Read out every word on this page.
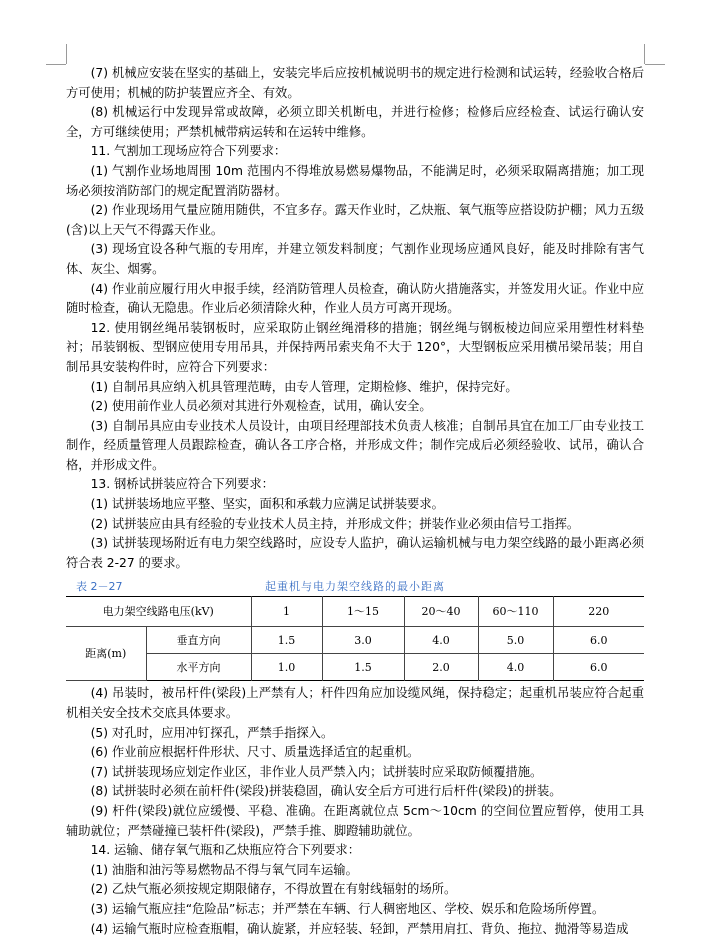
(7) 机械应安装在坚实的基础上，安装完毕后应按机械说明书的规定进行检测和试运转，经验收合格后方可使用；机械的防护装置应齐全、有效。

(8) 机械运行中发现异常或故障，必须立即关机断电，并进行检修；检修后应经检查、试运行确认安全，方可继续使用；严禁机械带病运转和在运转中维修。

11. 气割加工现场应符合下列要求：

(1) 气割作业场地周围 10m 范围内不得堆放易燃易爆物品，不能满足时，必须采取隔离措施；加工现场必须按消防部门的规定配置消防器材。

(2) 作业现场用气量应随用随供，不宜多存。露天作业时，乙炔瓶、氧气瓶等应搭设防护棚；风力五级(含)以上天气不得露天作业。

(3) 现场宜设各种气瓶的专用库，并建立领发料制度；气割作业现场应通风良好，能及时排除有害气体、灰尘、烟雾。

(4) 作业前应履行用火申报手续，经消防管理人员检查，确认防火措施落实，并签发用火证。作业中应随时检查，确认无隐患。作业后必须清除火种，作业人员方可离开现场。

12. 使用钢丝绳吊装钢板时，应采取防止钢丝绳滑移的措施；钢丝绳与钢板棱边间应采用塑性材料垫衬；吊装钢板、型钢应使用专用吊具，并保持两吊索夹角不大于 120°，大型钢板应采用横吊梁吊装；用自制吊具安装构件时，应符合下列要求：

(1) 自制吊具应纳入机具管理范畴，由专人管理，定期检修、维护，保持完好。

(2) 使用前作业人员必须对其进行外观检查，试用，确认安全。

(3) 自制吊具应由专业技术人员设计，由项目经理部技术负责人核准；自制吊具宜在加工厂由专业技工制作，经质量管理人员跟踪检查，确认各工序合格，并形成文件；制作完成后必须经验收、试吊，确认合格，并形成文件。

13. 钢桥试拼装应符合下列要求：

(1) 试拼装场地应平整、坚实，面积和承载力应满足试拼装要求。

(2) 试拼装应由具有经验的专业技术人员主持，并形成文件；拼装作业必须由信号工指挥。

(3) 试拼装现场附近有电力架空线路时，应设专人监护，确认运输机械与电力架空线路的最小距离必须符合表 2-27 的要求。

表 2－27	起重机与电力架空线路的最小距离
电力架空线路电压(kV)		1	1～15	20～40	60～110	220
距离(m)	垂直方向	1.5	3.0	4.0	5.0	6.0
	水平方向	1.0	1.5	2.0	4.0	6.0

(4) 吊装时，被吊杆件(梁段)上严禁有人；杆件四角应加设缆风绳，保持稳定；起重机吊装应符合起重机相关安全技术交底具体要求。

(5) 对孔时，应用冲钉探孔，严禁手指探入。

(6) 作业前应根据杆件形状、尺寸、质量选择适宜的起重机。

(7) 试拼装现场应划定作业区，非作业人员严禁入内；试拼装时应采取防倾覆措施。

(8) 试拼装时必须在前杆件(梁段)拼装稳固，确认安全后方可进行后杆件(梁段)的拼装。

(9) 杆件(梁段)就位应缓慢、平稳、准确。在距离就位点 5cm～10cm 的空间位置应暂停，使用工具辅助就位；严禁碰撞已装杆件(梁段)，严禁手推、脚蹬辅助就位。

14. 运输、储存氧气瓶和乙炔瓶应符合下列要求：

(1) 油脂和油污等易燃物品不得与氧气同车运输。

(2) 乙炔气瓶必须按规定期限储存，不得放置在有射线辐射的场所。

(3) 运输气瓶应挂“危险品”标志；并严禁在车辆、行人稠密地区、学校、娱乐和危险场所停置。

(4) 运输气瓶时应检查瓶帽，确认旋紧，并应轻装、轻卸，严禁用肩扛、背负、拖拉、抛滑等易造成
